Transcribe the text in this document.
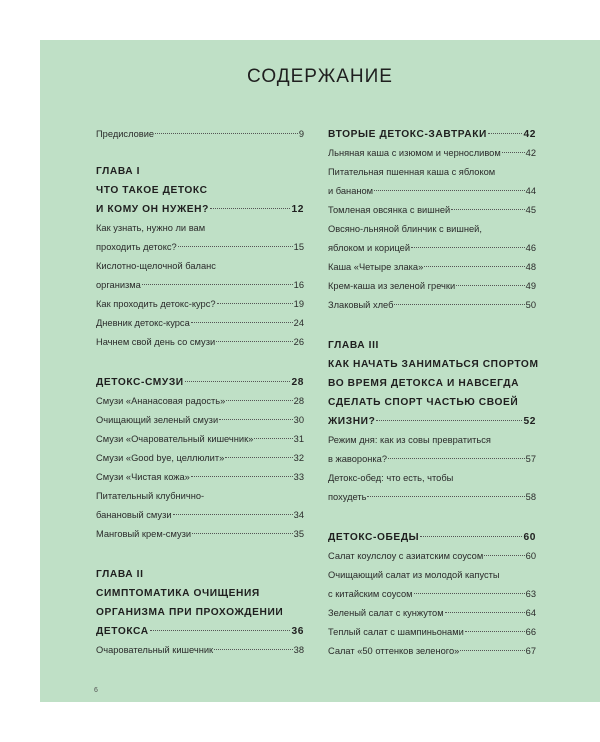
СОДЕРЖАНИЕ
Предисловие	9
ГЛАВА I
ЧТО ТАКОЕ ДЕТОКС
И КОМУ ОН НУЖЕН?	12
Как узнать, нужно ли вам
проходить детокс?	15
Кислотно-щелочной баланс
организма	16
Как проходить детокс-курс?	19
Дневник детокс-курса	24
Начнем свой день со смузи	26
ДЕТОКС-СМУЗИ	28
Смузи «Ананасовая радость»	28
Очищающий зеленый смузи	30
Смузи «Очаровательный кишечник»	31
Смузи «Good bye, целлюлит»	32
Смузи «Чистая кожа»	33
Питательный клубнично-
банановый смузи	34
Манговый крем-смузи	35
ГЛАВА II
СИМПТОМАТИКА ОЧИЩЕНИЯ
ОРГАНИЗМА ПРИ ПРОХОЖДЕНИИ
ДЕТОКСА	36
Очаровательный кишечник	38
ВТОРЫЕ ДЕТОКС-ЗАВТРАКИ	42
Льняная каша с изюмом и черносливом	42
Питательная пшенная каша с яблоком
и бананом	44
Томленая овсянка с вишней	45
Овсяно-льняной блинчик с вишней,
яблоком и корицей	46
Каша «Четыре злака»	48
Крем-каша из зеленой гречки	49
Злаковый хлеб	50
ГЛАВА III
КАК НАЧАТЬ ЗАНИМАТЬСЯ СПОРТОМ
ВО ВРЕМЯ ДЕТОКСА И НАВСЕГДА
СДЕЛАТЬ СПОРТ ЧАСТЬЮ СВОЕЙ
ЖИЗНИ?	52
Режим дня: как из совы превратиться
в жаворонка?	57
Детокс-обед: что есть, чтобы
похудеть	58
ДЕТОКС-ОБЕДЫ	60
Салат коулслоу с азиатским соусом	60
Очищающий салат из молодой капусты
с китайским соусом	63
Зеленый салат с кунжутом	64
Теплый салат с шампиньонами	66
Салат «50 оттенков зеленого»	67
6
